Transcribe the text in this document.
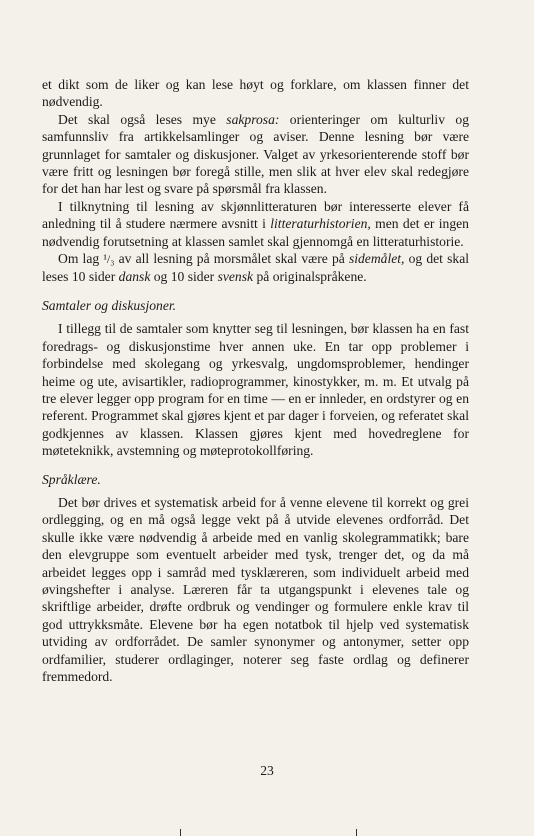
et dikt som de liker og kan lese høyt og forklare, om klassen finner det nødvendig.

Det skal også leses mye sakprosa: orienteringer om kulturliv og samfunnsliv fra artikkelsamlinger og aviser. Denne lesning bør være grunnlaget for samtaler og diskusjoner. Valget av yrkesorienterende stoff bør være fritt og lesningen bør foregå stille, men slik at hver elev skal redegjøre for det han har lest og svare på spørsmål fra klassen.

I tilknytning til lesning av skjønnlitteraturen bør interesserte elever få anledning til å studere nærmere avsnitt i litteraturhistorien, men det er ingen nødvendig forutsetning at klassen samlet skal gjennomgå en litteraturhistorie.

Om lag ¹/₃ av all lesning på morsmålet skal være på sidemålet, og det skal leses 10 sider dansk og 10 sider svensk på originalspråkene.

Samtaler og diskusjoner.

I tillegg til de samtaler som knytter seg til lesningen, bør klassen ha en fast foredrags- og diskusjonstime hver annen uke. En tar opp problemer i forbindelse med skolegang og yrkesvalg, ungdomsproblemer, hendinger heime og ute, avisartikler, radioprogrammer, kinostykker, m. m. Et utvalg på tre elever legger opp program for en time — en er innleder, en ordstyrer og en referent. Programmet skal gjøres kjent et par dager i forveien, og referatet skal godkjennes av klassen. Klassen gjøres kjent med hovedreglene for møteteknikk, avstemning og møteprotokollføring.

Språklære.

Det bør drives et systematisk arbeid for å venne elevene til korrekt og grei ordlegging, og en må også legge vekt på å utvide elevenes ordforråd. Det skulle ikke være nødvendig å arbeide med en vanlig skolegrammatikk; bare den elevgruppe som eventuelt arbeider med tysk, trenger det, og da må arbeidet legges opp i samråd med tysklæreren, som individuelt arbeid med øvingshefter i analyse. Læreren får ta utgangspunkt i elevenes tale og skriftlige arbeider, drøfte ordbruk og vendinger og formulere enkle krav til god uttrykksmåte. Elevene bør ha egen notatbok til hjelp ved systematisk utviding av ordforrådet. De samler synonymer og antonymer, setter opp ordfamilier, studerer ordlaginger, noterer seg faste ordlag og definerer fremmedord.

23
